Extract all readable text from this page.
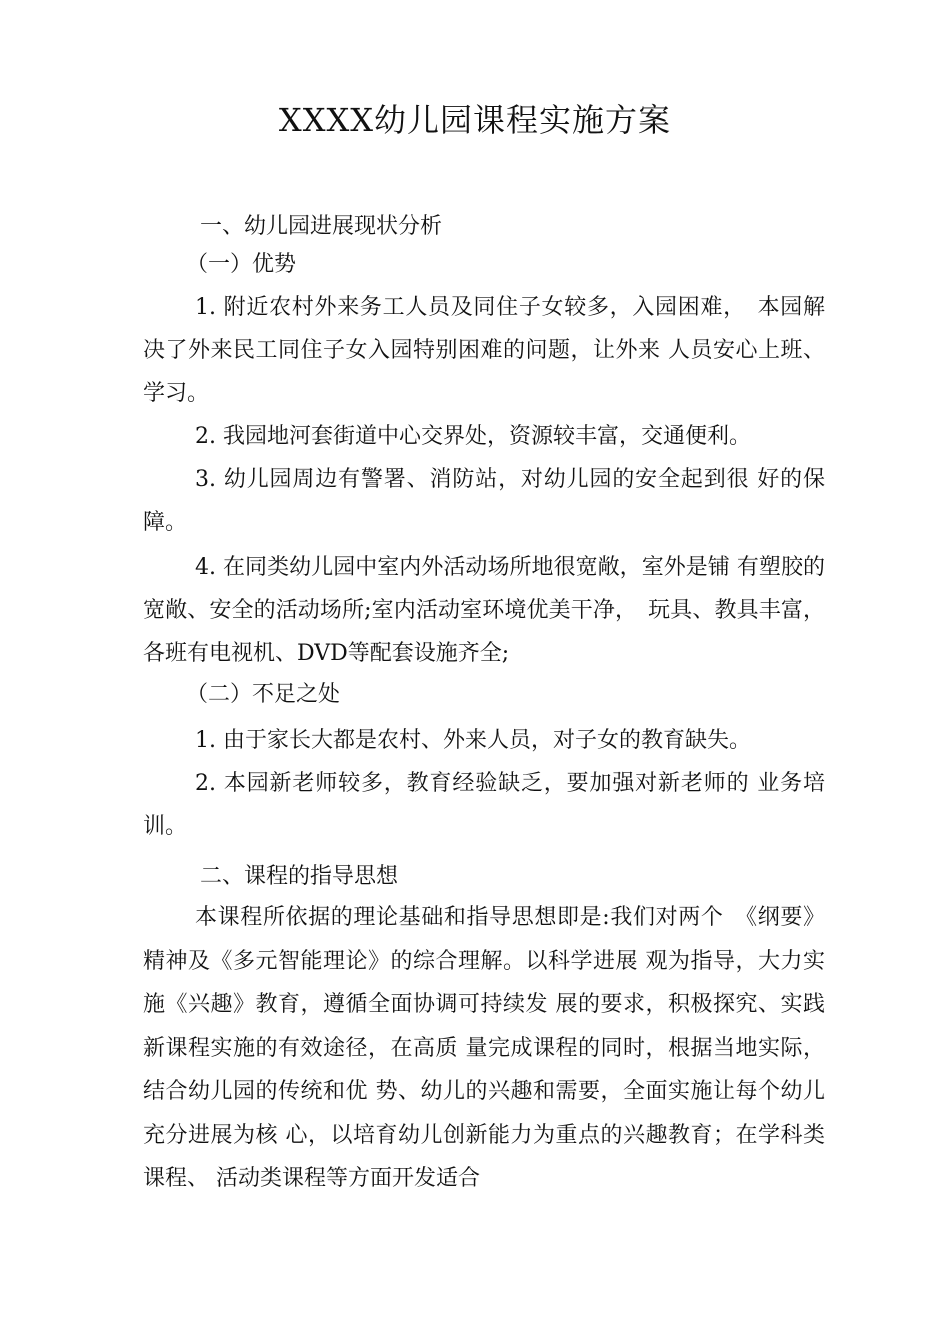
XXXX幼儿园课程实施方案
一、幼儿园进展现状分析
（一）优势
1. 附近农村外来务工人员及同住子女较多，入园困难，　本园解决了外来民工同住子女入园特别困难的问题，让外来 人员安心上班、学习。
2. 我园地河套街道中心交界处，资源较丰富，交通便利。
3. 幼儿园周边有警署、消防站，对幼儿园的安全起到很 好的保障。
4. 在同类幼儿园中室内外活动场所地很宽敞，室外是铺 有塑胶的宽敞、安全的活动场所;室内活动室环境优美干净，　玩具、教具丰富，各班有电视机、DVD等配套设施齐全;
（二）不足之处
1. 由于家长大都是农村、外来人员，对子女的教育缺失。
2. 本园新老师较多，教育经验缺乏，要加强对新老师的 业务培训。
二、课程的指导思想
本课程所依据的理论基础和指导思想即是:我们对两个　《纲要》精神及《多元智能理论》的综合理解。以科学进展 观为指导，大力实施《兴趣》教育，遵循全面协调可持续发 展的要求，积极探究、实践新课程实施的有效途径，在高质 量完成课程的同时，根据当地实际，结合幼儿园的传统和优 势、幼儿的兴趣和需要，全面实施让每个幼儿充分进展为核 心，以培育幼儿创新能力为重点的兴趣教育；在学科类课程、 活动类课程等方面开发适合
